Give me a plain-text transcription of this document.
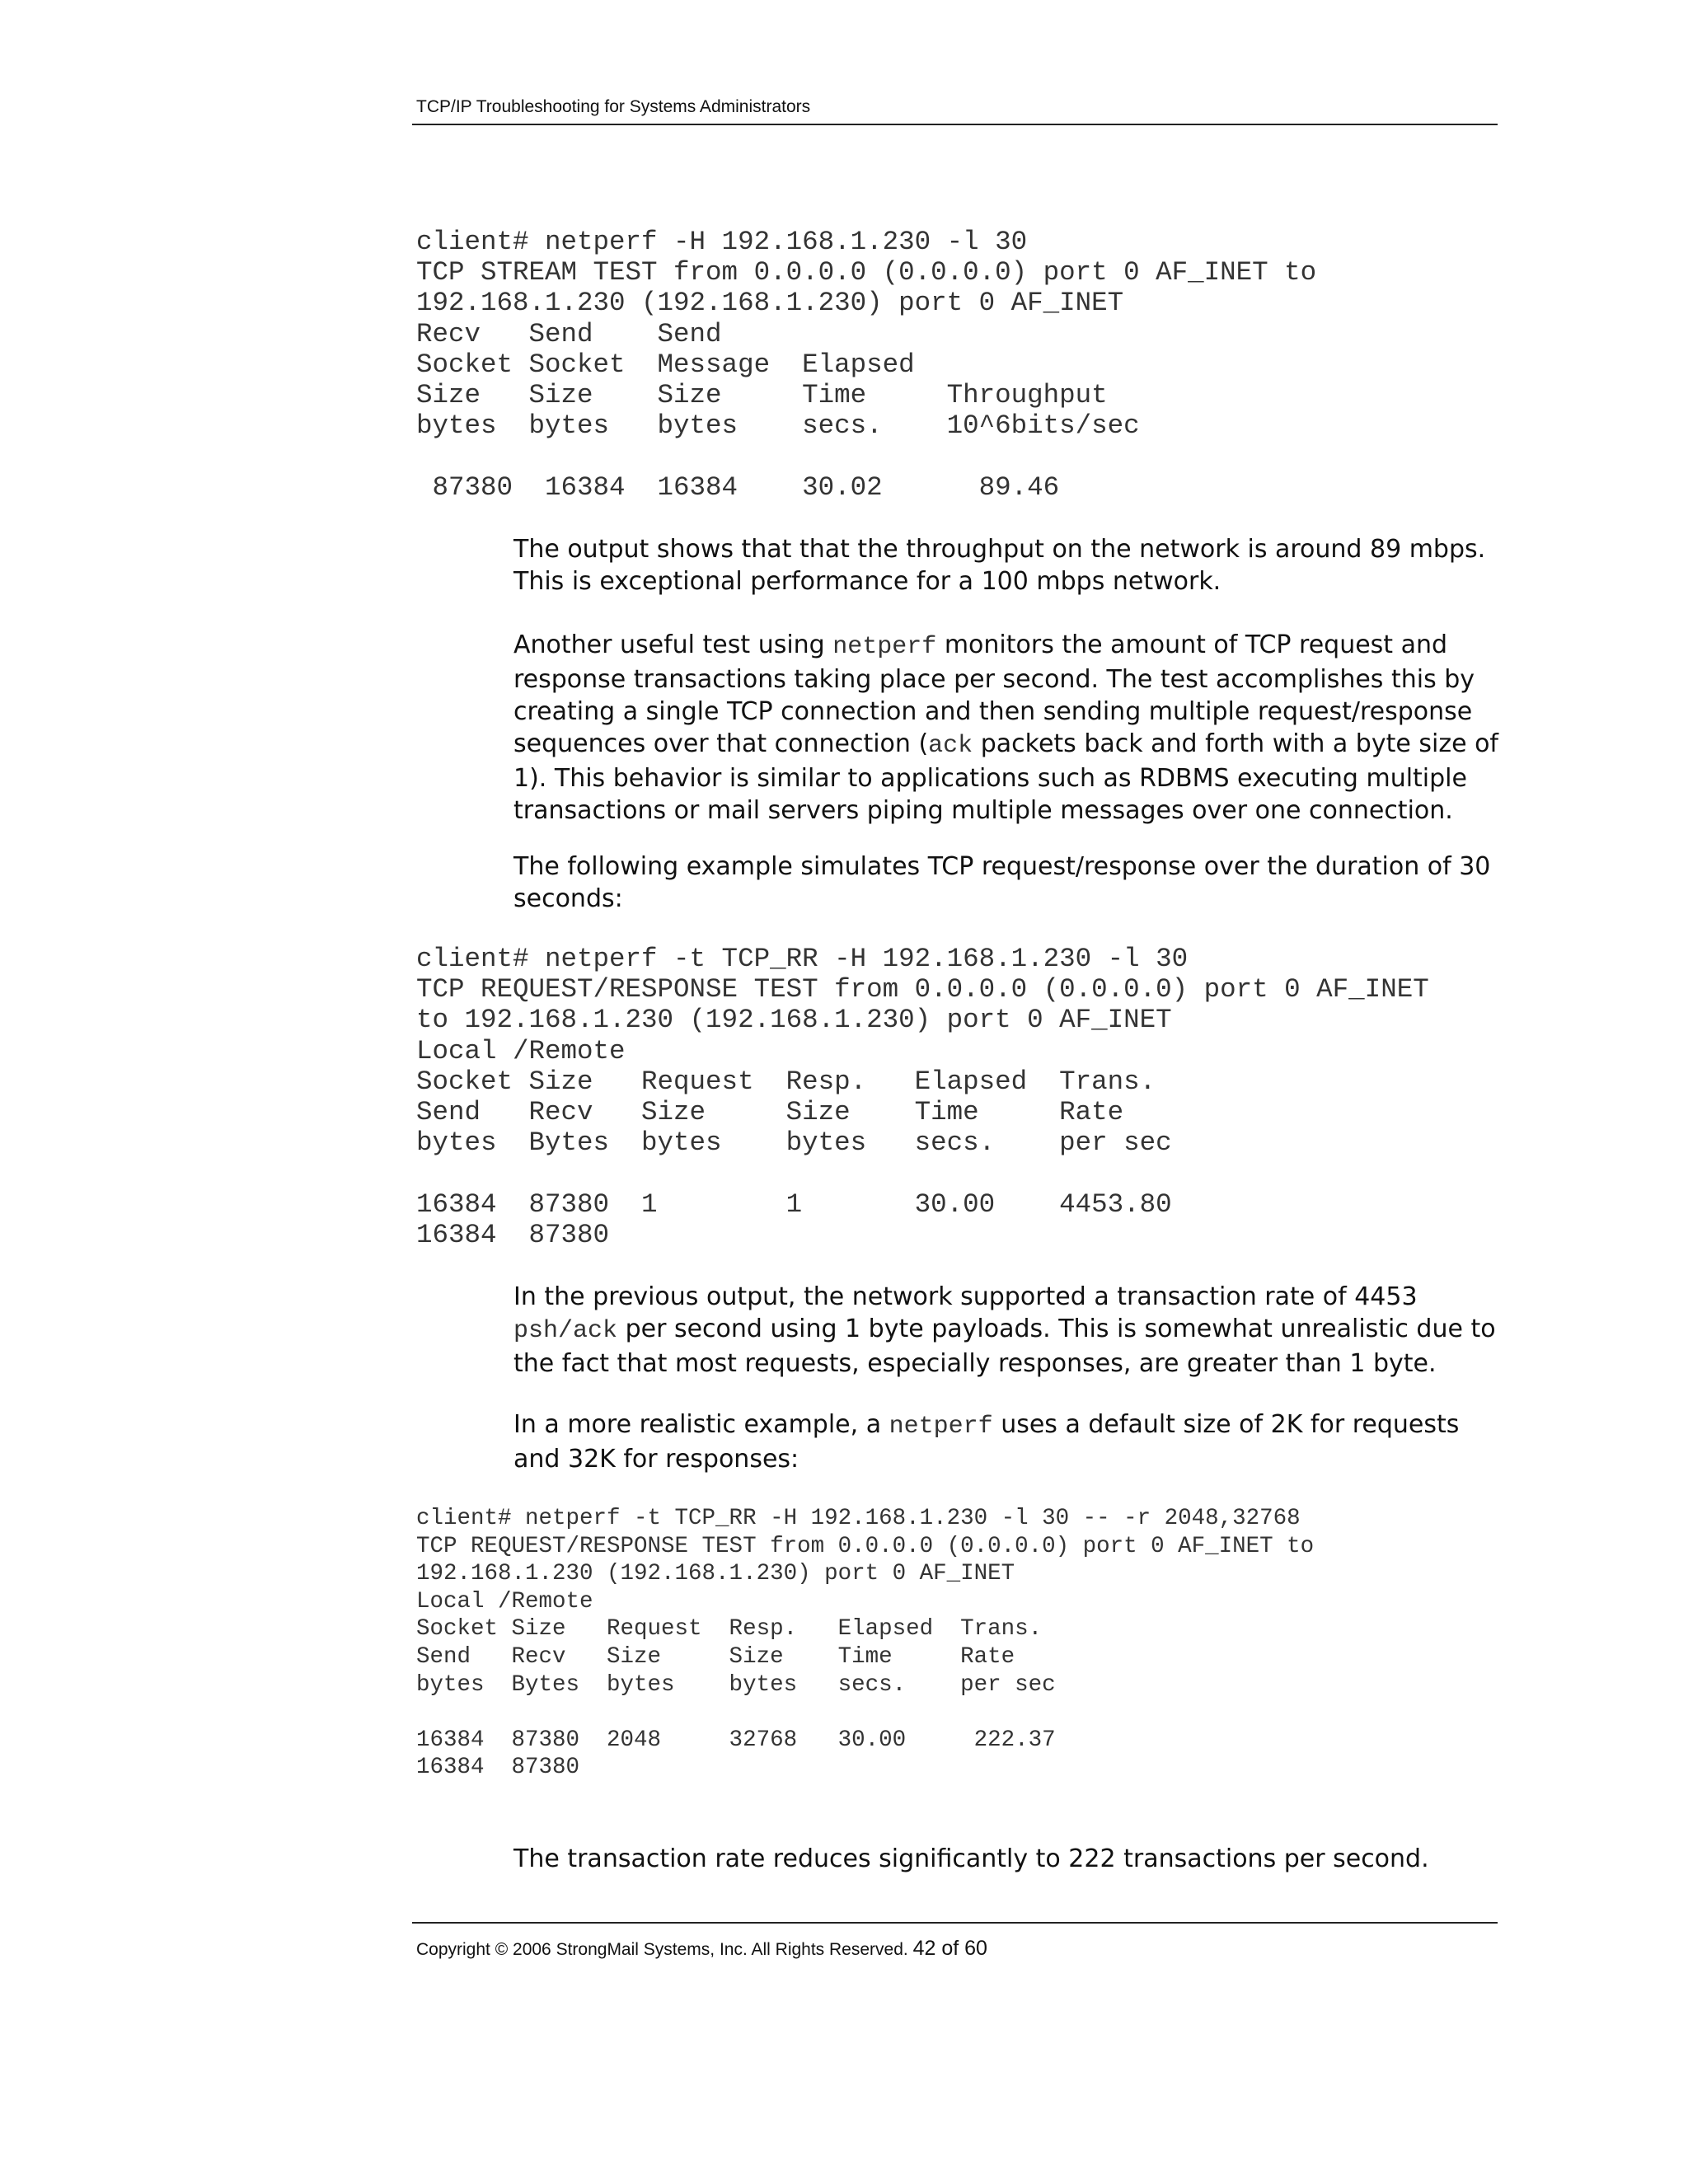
TCP/IP Troubleshooting for Systems Administrators
client# netperf -H 192.168.1.230 -l 30
TCP STREAM TEST from 0.0.0.0 (0.0.0.0) port 0 AF_INET to
192.168.1.230 (192.168.1.230) port 0 AF_INET
Recv   Send    Send
Socket Socket  Message  Elapsed
Size   Size    Size     Time     Throughput
bytes  bytes   bytes    secs.    10^6bits/sec

87380  16384  16384    30.02      89.46

The output shows that that the throughput on the network is around 89 mbps. This is exceptional performance for a 100 mbps network.

Another useful test using netperf monitors the amount of TCP request and response transactions taking place per second. The test accomplishes this by creating a single TCP connection and then sending multiple request/response sequences over that connection (ack packets back and forth with a byte size of 1). This behavior is similar to applications such as RDBMS executing multiple transactions or mail servers piping multiple messages over one connection.

The following example simulates TCP request/response over the duration of 30 seconds:

client# netperf -t TCP_RR -H 192.168.1.230 -l 30
TCP REQUEST/RESPONSE TEST from 0.0.0.0 (0.0.0.0) port 0 AF_INET
to 192.168.1.230 (192.168.1.230) port 0 AF_INET
Local /Remote
Socket Size   Request  Resp.   Elapsed  Trans.
Send   Recv   Size     Size    Time     Rate
bytes  Bytes  bytes    bytes   secs.    per sec

16384  87380  1        1       30.00    4453.80
16384  87380

In the previous output, the network supported a transaction rate of 4453 psh/ack per second using 1 byte payloads. This is somewhat unrealistic due to the fact that most requests, especially responses, are greater than 1 byte.

In a more realistic example, a netperf uses a default size of 2K for requests and 32K for responses:

client# netperf -t TCP_RR -H 192.168.1.230 -l 30 -- -r 2048,32768
TCP REQUEST/RESPONSE TEST from 0.0.0.0 (0.0.0.0) port 0 AF_INET to
192.168.1.230 (192.168.1.230) port 0 AF_INET
Local /Remote
Socket Size   Request  Resp.   Elapsed  Trans.
Send   Recv   Size     Size    Time     Rate
bytes  Bytes  bytes    bytes   secs.    per sec

16384  87380  2048     32768   30.00     222.37
16384  87380

The transaction rate reduces significantly to 222 transactions per second.

Copyright © 2006 StrongMail Systems, Inc. All Rights Reserved. 42 of 60
